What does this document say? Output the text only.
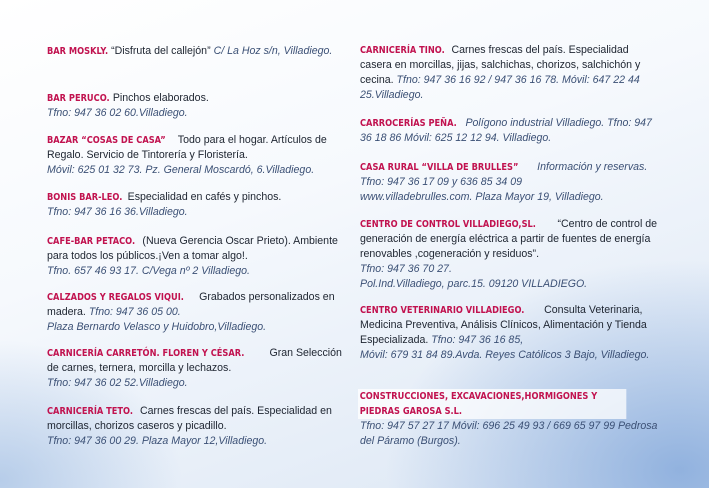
BAR MOSKLY. “Disfruta del callejón” C/ La Hoz s/n, Villadiego.
BAR PERUCO. Pinchos elaborados.
Tfno: 947 36 02 60.Villadiego.
BAZAR “COSAS DE CASA” Todo para el hogar. Artículos de Regalo. Servicio de Tintorería y Floristería.
Móvil: 625 01 32 73. Pz. General Moscardó, 6.Villadiego.
BONIS BAR-LEO. Especialidad en cafés y pinchos.
Tfno: 947 36 16 36.Villadiego.
CAFE-BAR PETACO. (Nueva Gerencia Oscar Prieto). Ambiente para todos los públicos.¡Ven a tomar algo!.
Tfno. 657 46 93 17. C/Vega nº 2 Villadiego.
CALZADOS Y REGALOS VIQUI. Grabados personalizados en madera. Tfno: 947 36 05 00.
Plaza Bernardo Velasco y Huidobro,Villadiego.
CARNICERÍA CARRETÓN. FLOREN Y CÉSAR. Gran Selección de carnes, ternera, morcilla y lechazos.
Tfno: 947 36 02 52.Villadiego.
CARNICERÍA TETO. Carnes frescas del país. Especialidad en morcillas, chorizos caseros y picadillo.
Tfno: 947 36 00 29. Plaza Mayor 12,Villadiego.
CARNICERÍA TINO. Carnes frescas del país. Especialidad casera en morcillas, jijas, salchichas, chorizos, salchichón y cecina. Tfno: 947 36 16 92 / 947 36 16 78. Móvil: 647 22 44 25.Villadiego.
CARROCERÍAS PEÑA. Polígono industrial Villadiego. Tfno: 947 36 18 86 Móvil: 625 12 12 94. Villadiego.
CASA RURAL “VILLA DE BRULLES” Información y reservas. Tfno: 947 36 17 09 y 636 85 34 09
www.villadebrulles.com. Plaza Mayor 19, Villadiego.
CENTRO DE CONTROL VILLADIEGO,SL. “Centro de control de generación de energía eléctrica a partir de fuentes de energía renovables ,cogeneración y residuos”.
Tfno: 947 36 70 27.
Pol.Ind.Villadiego, parc.15. 09120 VILLADIEGO.
CENTRO VETERINARIO VILLADIEGO. Consulta Veterinaria, Medicina Preventiva, Análisis Clínicos, Alimentación y Tienda Especializada. Tfno: 947 36 16 85,
Móvil: 679 31 84 89.Avda. Reyes Católicos 3 Bajo, Villadiego.
CONSTRUCCIONES, EXCAVACIONES,HORMIGONES Y PIEDRAS GAROSA S.L. Tfno: 947 57 27 17 Móvil: 696 25 49 93 / 669 65 97 99 Pedrosa del Páramo (Burgos).
